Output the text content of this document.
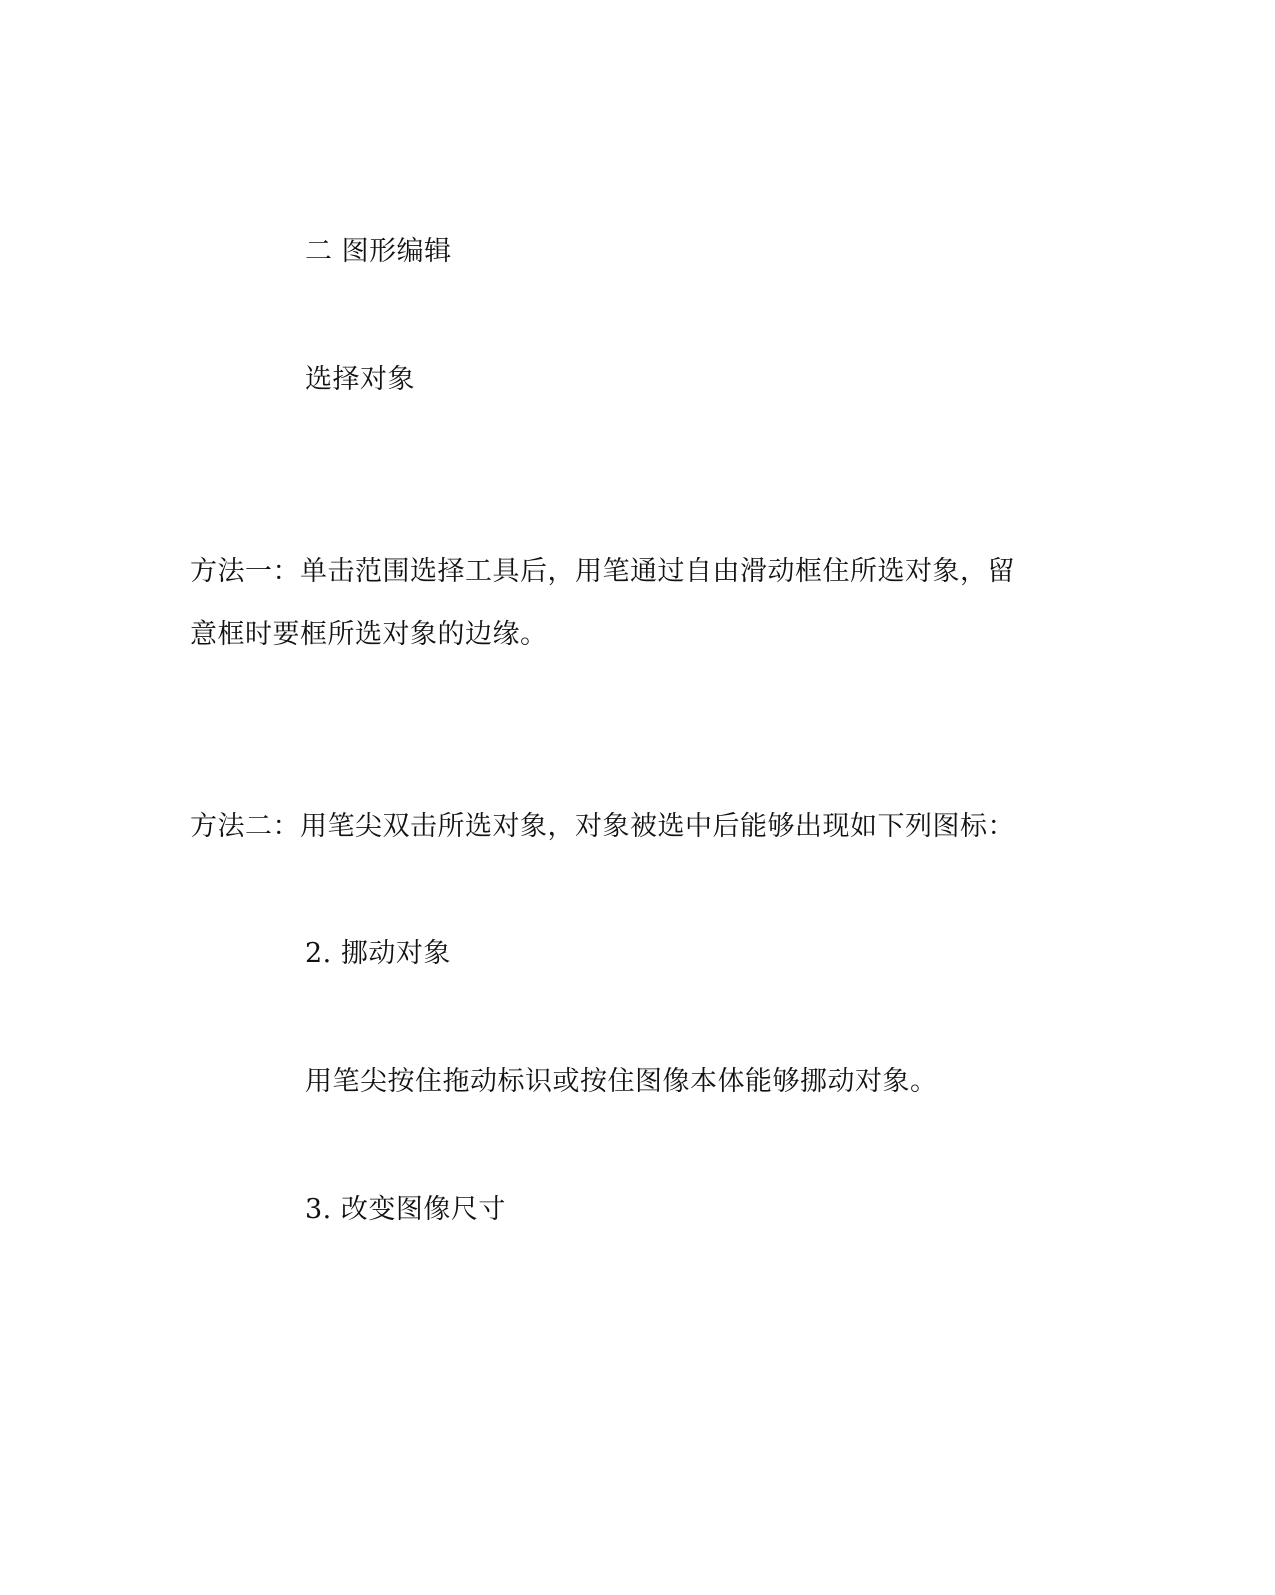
二 图形编辑
选择对象
方法一：单击范围选择工具后，用笔通过自由滑动框住所选对象，留
意框时要框所选对象的边缘。
方法二：用笔尖双击所选对象，对象被选中后能够出现如下列图标：
2. 挪动对象
用笔尖按住拖动标识或按住图像本体能够挪动对象。
3. 改变图像尺寸
